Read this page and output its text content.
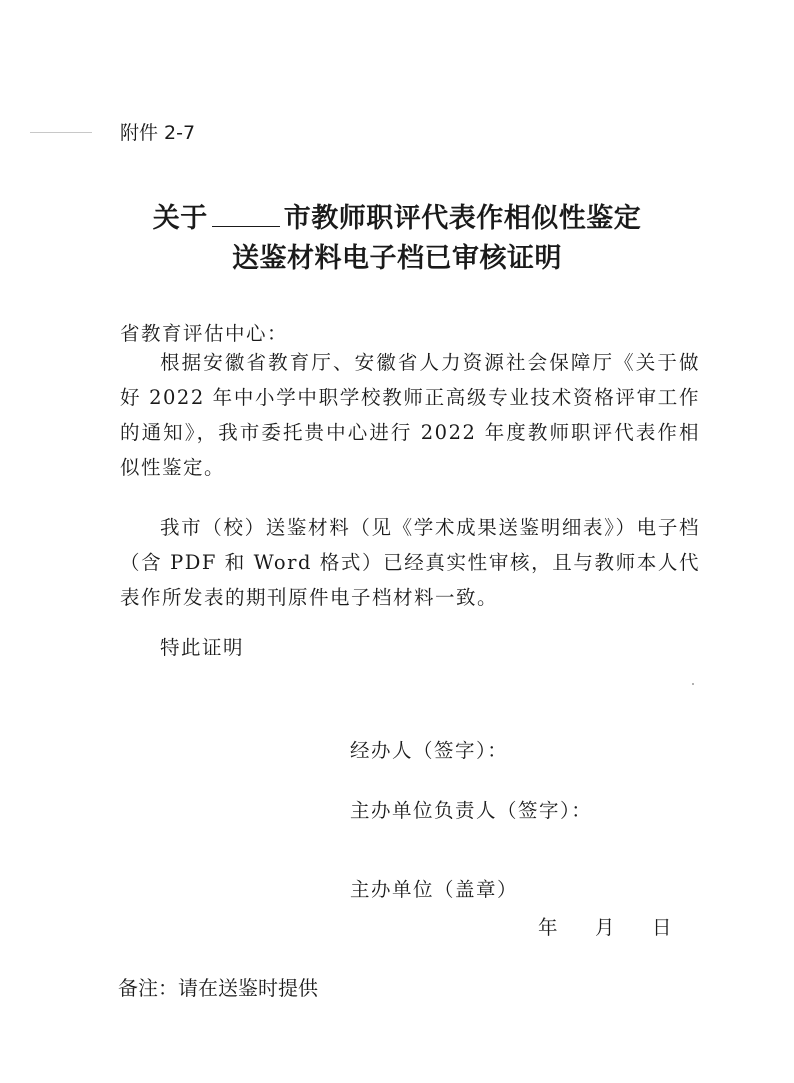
附件 2-7
关于	市教师职评代表作相似性鉴定
送鉴材料电子档已审核证明
省教育评估中心：

根据安徽省教育厅、安徽省人力资源社会保障厅《关于做好 2022 年中小学中职学校教师正高级专业技术资格评审工作的通知》，我市委托贵中心进行 2022 年度教师职评代表作相似性鉴定。

我市（校）送鉴材料（见《学术成果送鉴明细表》）电子档（含 PDF 和 Word 格式）已经真实性审核，且与教师本人代表作所发表的期刊原件电子档材料一致。

特此证明
经办人（签字）：
主办单位负责人（签字）：
主办单位（盖章）
年 月 日
备注：请在送鉴时提供
